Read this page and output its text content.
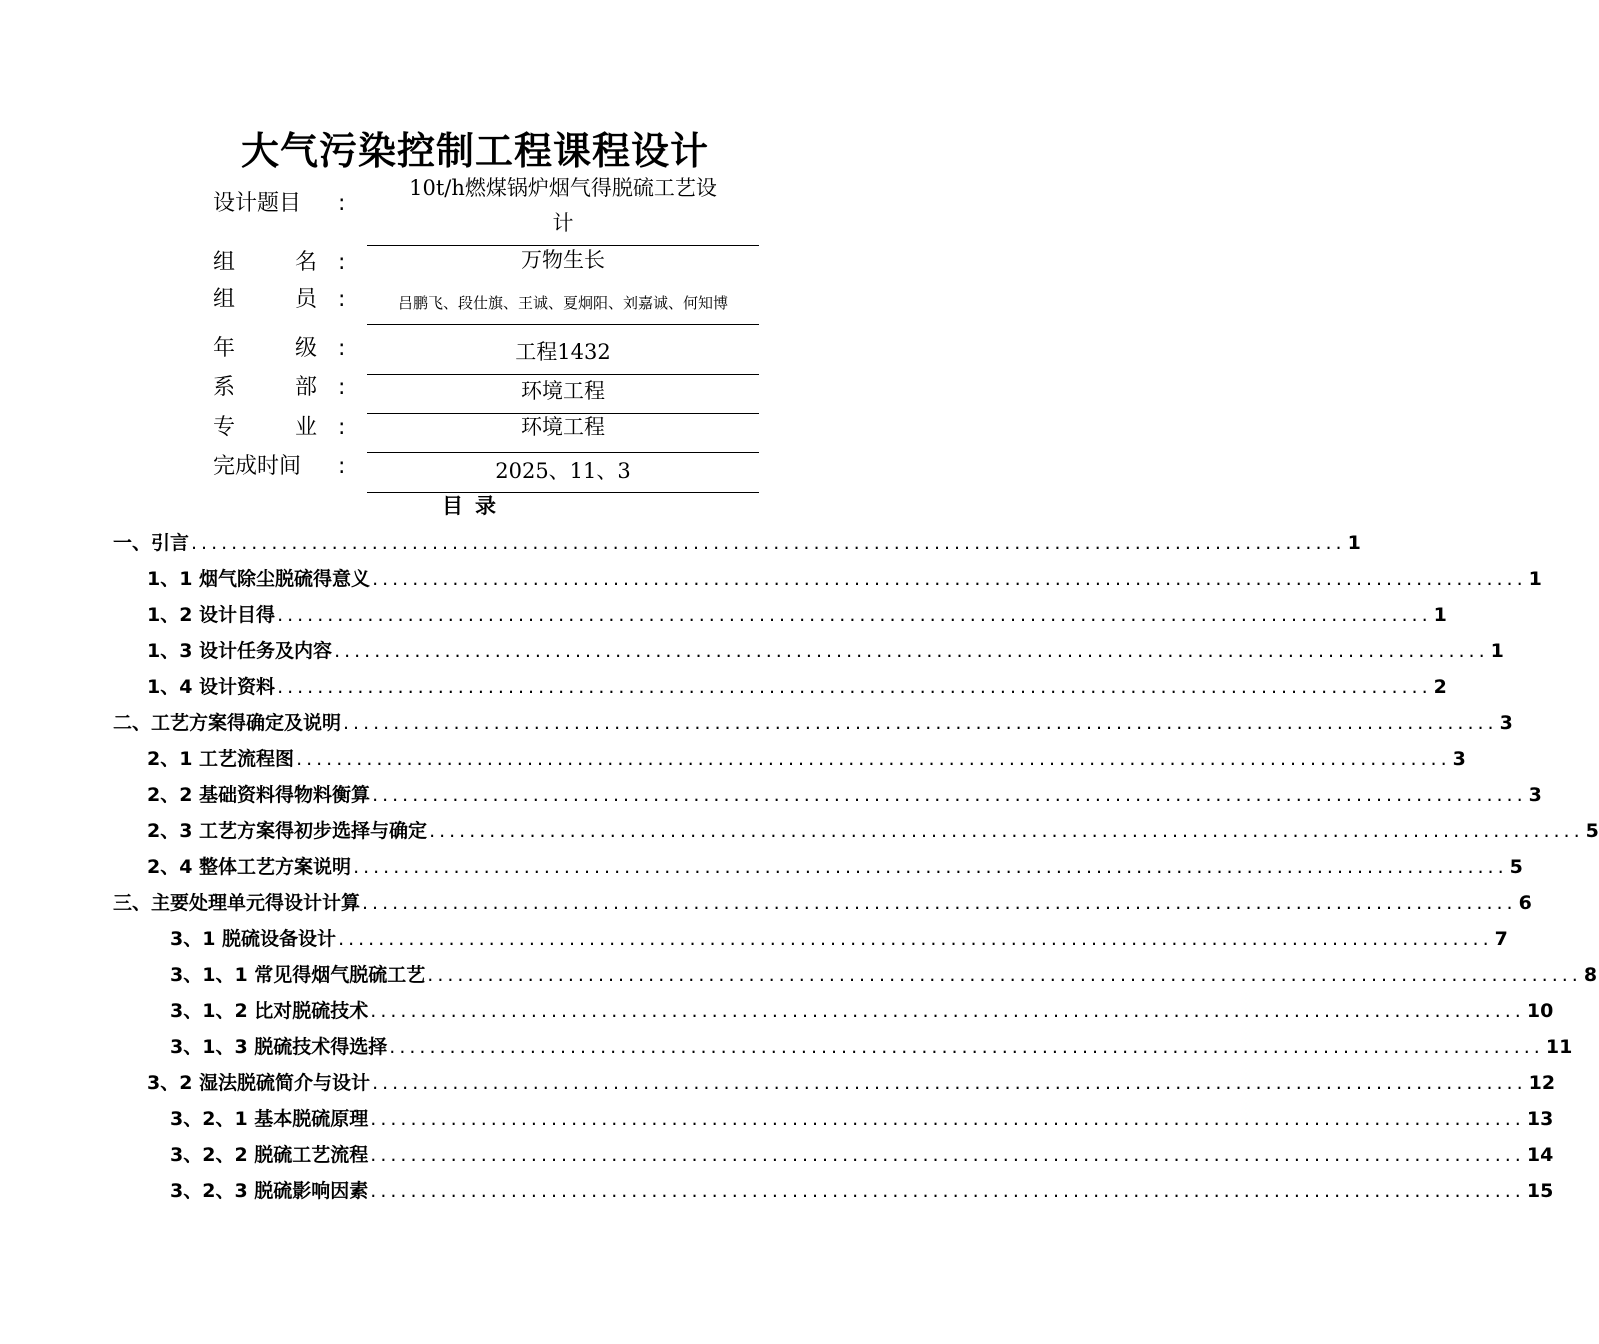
大气污染控制工程课程设计
设计题目 :
10t/h燃煤锅炉烟气得脱硫工艺设
计
组	名 :	万物生长
组	员 :	吕鹏飞、段仕旗、王诚、夏炯阳、刘嘉诚、何知博
年	级 :	工程1432
系	部 :	环境工程
专	业 :	环境工程
完成时间 :	2025、11、3
目录
一、引言 ................................................................................................................... 1
1、1 烟气除尘脱硫得意义 ................................................................................................................... 1
1、2 设计目得 ................................................................................................................... 1
1、3 设计任务及内容 ................................................................................................................... 1
1、4 设计资料 ................................................................................................................... 2
二、工艺方案得确定及说明 ................................................................................................................... 3
2、1 工艺流程图 ................................................................................................................... 3
2、2 基础资料得物料衡算 ................................................................................................................... 3
2、3 工艺方案得初步选择与确定 ................................................................................................................... 5
2、4 整体工艺方案说明 ................................................................................................................... 5
三、主要处理单元得设计计算 ................................................................................................................... 6
3、1 脱硫设备设计 ................................................................................................................... 7
3、1、1 常见得烟气脱硫工艺 ................................................................................................................... 8
3、1、2 比对脱硫技术 ................................................................................................................... 10
3、1、3 脱硫技术得选择 ................................................................................................................... 11
3、2 湿法脱硫简介与设计 ................................................................................................................... 12
3、2、1 基本脱硫原理 ................................................................................................................... 13
3、2、2 脱硫工艺流程 ................................................................................................................... 14
3、2、3 脱硫影响因素 ................................................................................................................... 15
